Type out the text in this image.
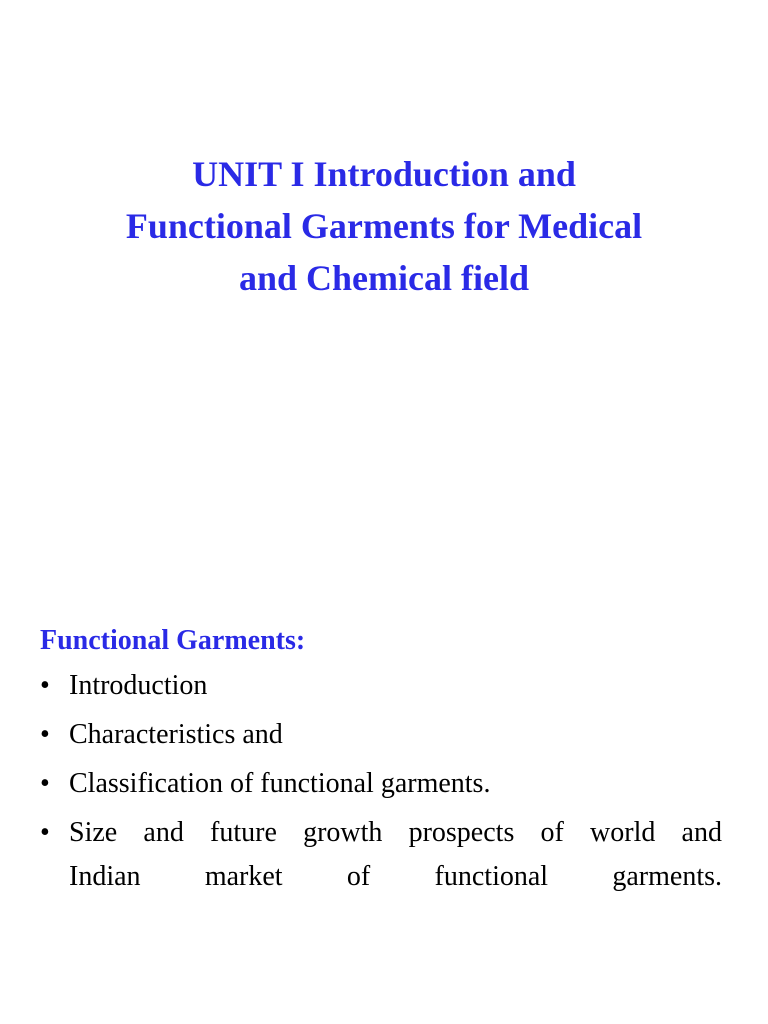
UNIT I Introduction and
Functional Garments for Medical
and Chemical field
Functional Garments:
• Introduction
• Characteristics and
• Classification of functional garments.
• Size and future growth prospects of world and
Indian market of functional garments.
